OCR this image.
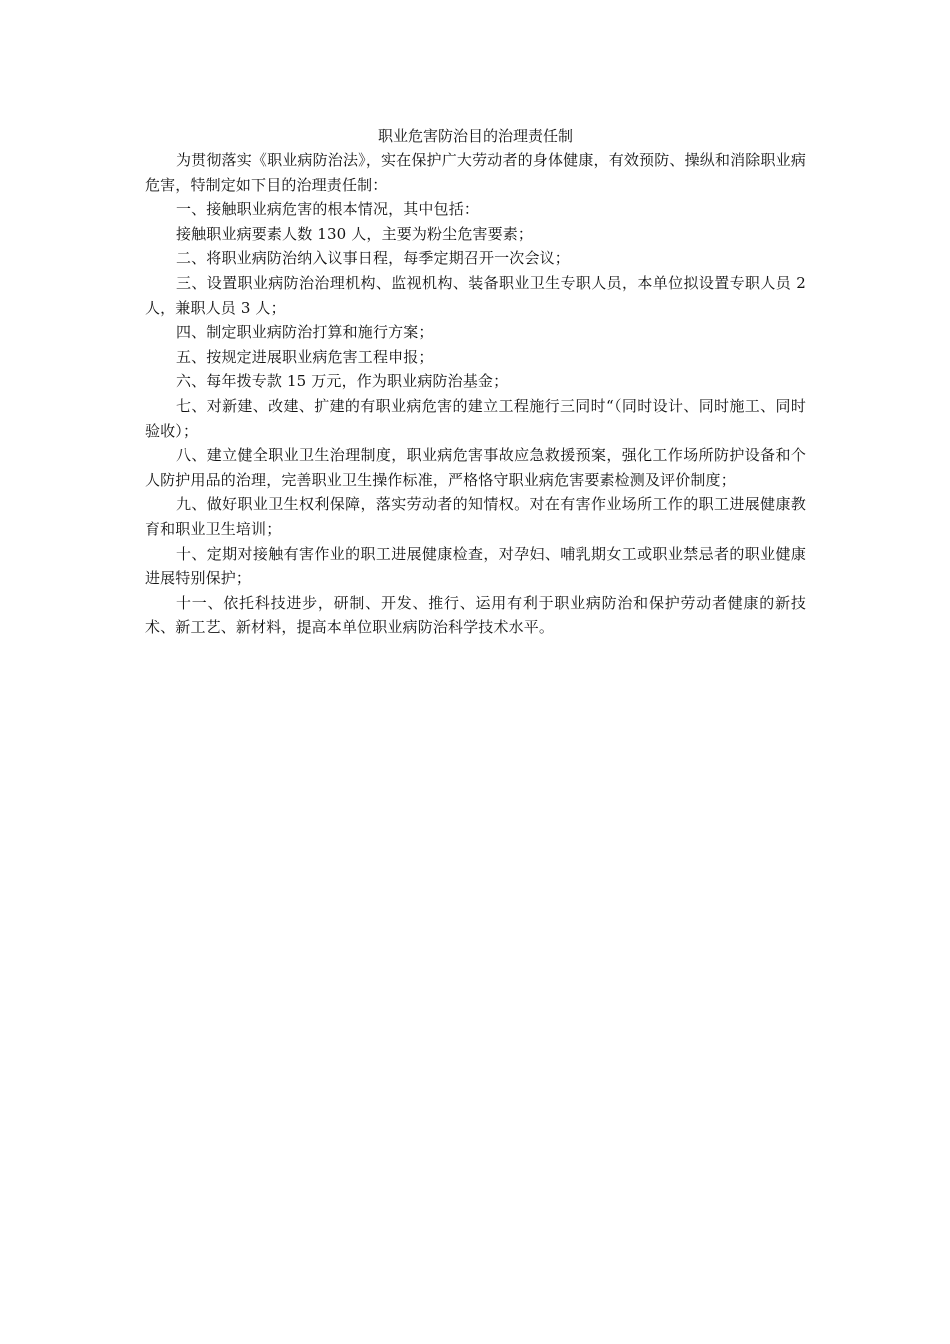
职业危害防治目的治理责任制

为贯彻落实《职业病防治法》，实在保护广大劳动者的身体健康，有效预防、操纵和消除职业病危害，特制定如下目的治理责任制：

一、接触职业病危害的根本情况，其中包括：

接触职业病要素人数 130 人，主要为粉尘危害要素；

二、将职业病防治纳入议事日程，每季定期召开一次会议；

三、设置职业病防治治理机构、监视机构、装备职业卫生专职人员，本单位拟设置专职人员 2 人，兼职人员 3 人；

四、制定职业病防治打算和施行方案；

五、按规定进展职业病危害工程申报；

六、每年拨专款 15 万元，作为职业病防治基金；

七、对新建、改建、扩建的有职业病危害的建立工程施行三同时“（同时设计、同时施工、同时验收）；

八、建立健全职业卫生治理制度，职业病危害事故应急救援预案，强化工作场所防护设备和个人防护用品的治理，完善职业卫生操作标准，严格恪守职业病危害要素检测及评价制度；

九、做好职业卫生权利保障，落实劳动者的知情权。对在有害作业场所工作的职工进展健康教育和职业卫生培训；

十、定期对接触有害作业的职工进展健康检查，对孕妇、哺乳期女工或职业禁忌者的职业健康进展特别保护；

十一、依托科技进步，研制、开发、推行、运用有利于职业病防治和保护劳动者健康的新技术、新工艺、新材料，提高本单位职业病防治科学技术水平。
